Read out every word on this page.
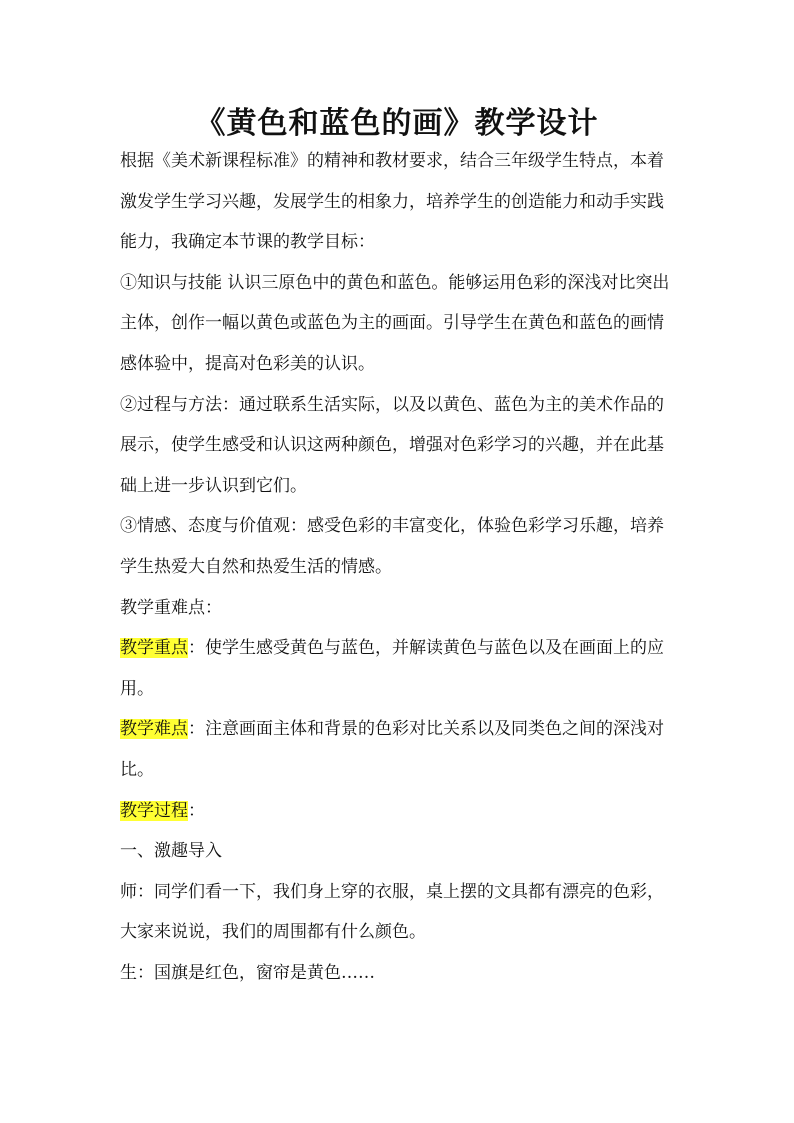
《黄色和蓝色的画》教学设计

根据《美术新课程标准》的精神和教材要求，结合三年级学生特点，本着激发学生学习兴趣，发展学生的相象力，培养学生的创造能力和动手实践能力，我确定本节课的教学目标：

①知识与技能 认识三原色中的黄色和蓝色。能够运用色彩的深浅对比突出主体，创作一幅以黄色或蓝色为主的画面。引导学生在黄色和蓝色的画情感体验中，提高对色彩美的认识。

②过程与方法：通过联系生活实际，以及以黄色、蓝色为主的美术作品的展示，使学生感受和认识这两种颜色，增强对色彩学习的兴趣，并在此基础上进一步认识到它们。

③情感、态度与价值观：感受色彩的丰富变化，体验色彩学习乐趣，培养学生热爱大自然和热爱生活的情感。

教学重难点：

教学重点：使学生感受黄色与蓝色，并解读黄色与蓝色以及在画面上的应用。

教学难点：注意画面主体和背景的色彩对比关系以及同类色之间的深浅对比。

教学过程：

一、激趣导入

师：同学们看一下，我们身上穿的衣服，桌上摆的文具都有漂亮的色彩，大家来说说，我们的周围都有什么颜色。

生：国旗是红色，窗帘是黄色……
